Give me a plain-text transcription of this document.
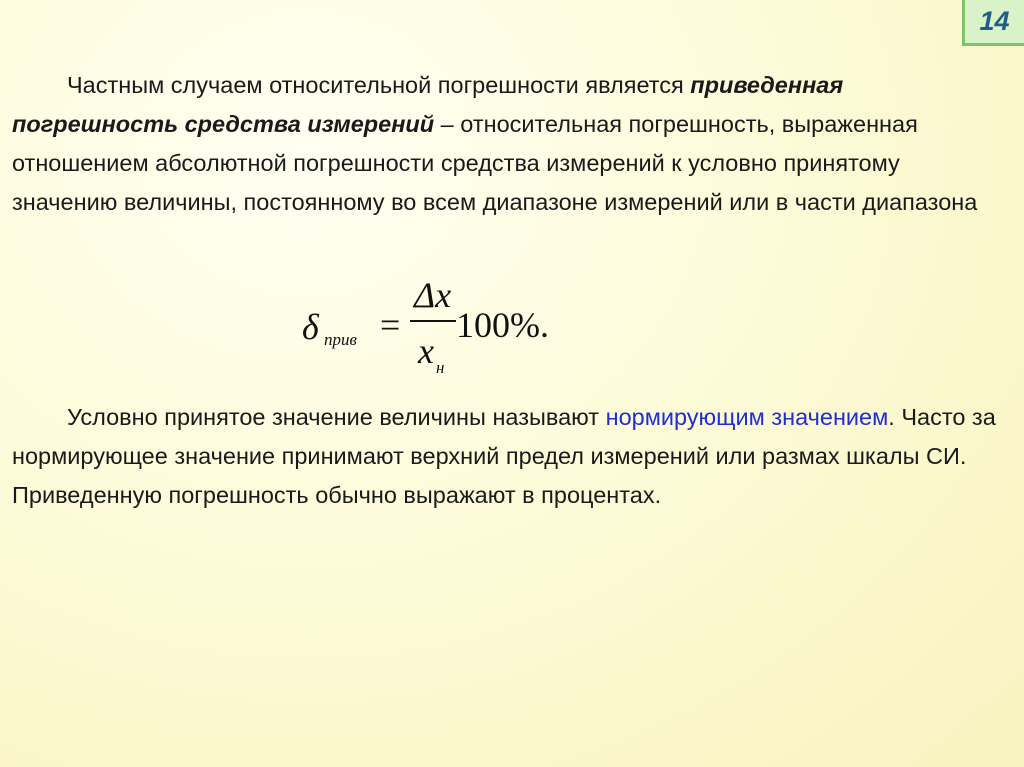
14

Частным случаем относительной погрешности является приведенная погрешность средства измерений – относительная погрешность, выраженная отношением абсолютной погрешности средства измерений к условно принятому значению величины, постоянному во всем диапазоне измерений или в части диапазона

δ прив =
Δx
x н
100%.

Условно принятое значение величины называют нормирующим значением. Часто за нормирующее значение принимают верхний предел измерений или размах шкалы СИ. Приведенную погрешность обычно выражают в процентах.
